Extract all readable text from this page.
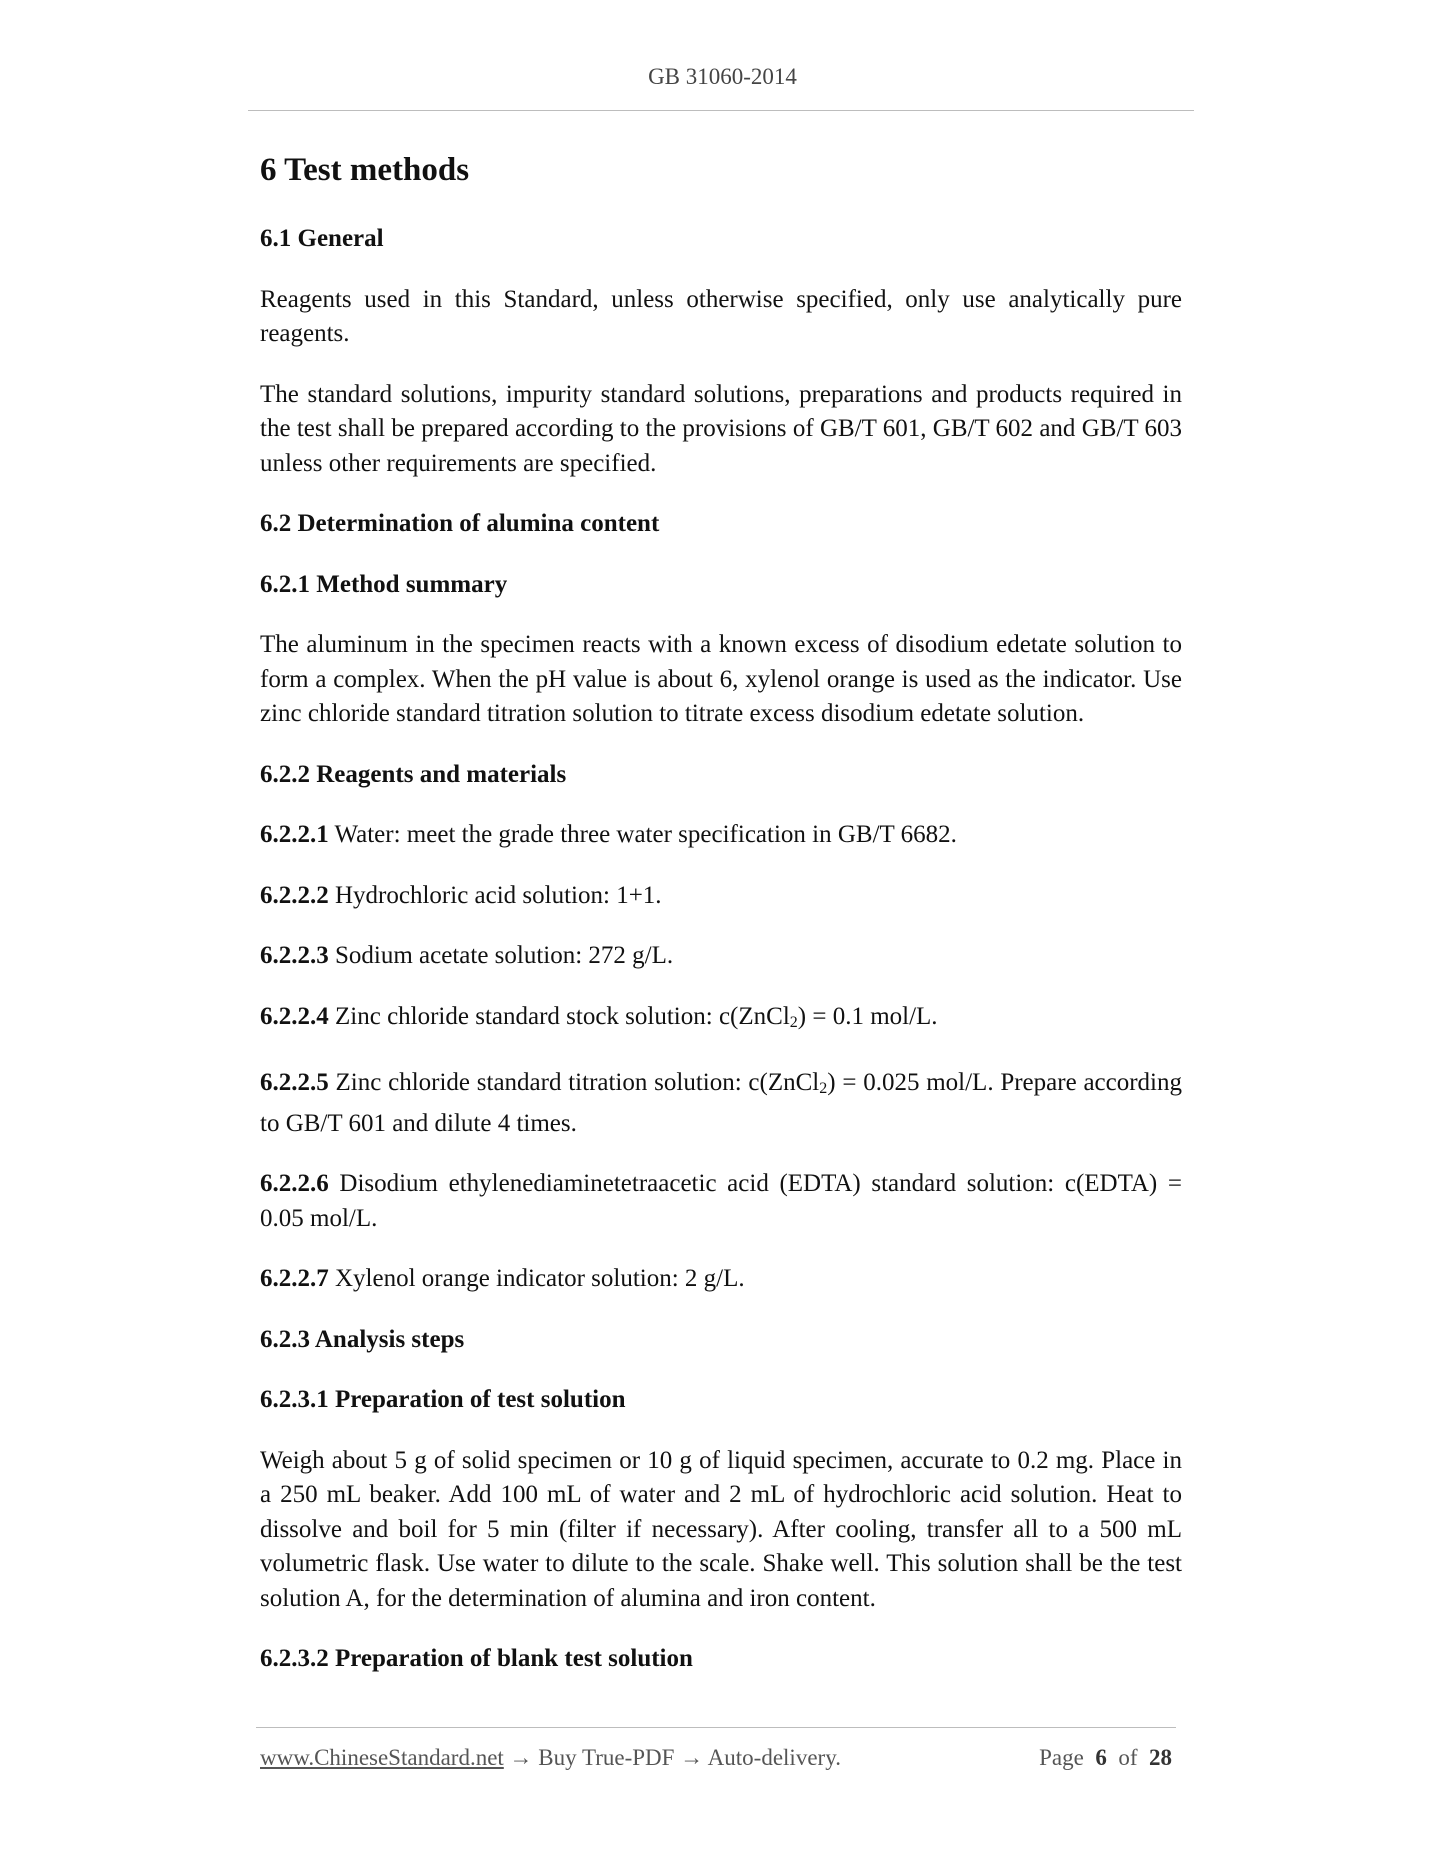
GB 31060-2014
6 Test methods
6.1 General
Reagents used in this Standard, unless otherwise specified, only use analytically pure reagents.
The standard solutions, impurity standard solutions, preparations and products required in the test shall be prepared according to the provisions of GB/T 601, GB/T 602 and GB/T 603 unless other requirements are specified.
6.2 Determination of alumina content
6.2.1 Method summary
The aluminum in the specimen reacts with a known excess of disodium edetate solution to form a complex. When the pH value is about 6, xylenol orange is used as the indicator. Use zinc chloride standard titration solution to titrate excess disodium edetate solution.
6.2.2 Reagents and materials
6.2.2.1 Water: meet the grade three water specification in GB/T 6682.
6.2.2.2 Hydrochloric acid solution: 1+1.
6.2.2.3 Sodium acetate solution: 272 g/L.
6.2.2.4 Zinc chloride standard stock solution: c(ZnCl2) = 0.1 mol/L.
6.2.2.5 Zinc chloride standard titration solution: c(ZnCl2) = 0.025 mol/L. Prepare according to GB/T 601 and dilute 4 times.
6.2.2.6 Disodium ethylenediaminetetraacetic acid (EDTA) standard solution: c(EDTA) = 0.05 mol/L.
6.2.2.7 Xylenol orange indicator solution: 2 g/L.
6.2.3 Analysis steps
6.2.3.1 Preparation of test solution
Weigh about 5 g of solid specimen or 10 g of liquid specimen, accurate to 0.2 mg. Place in a 250 mL beaker. Add 100 mL of water and 2 mL of hydrochloric acid solution. Heat to dissolve and boil for 5 min (filter if necessary). After cooling, transfer all to a 500 mL volumetric flask. Use water to dilute to the scale. Shake well. This solution shall be the test solution A, for the determination of alumina and iron content.
6.2.3.2 Preparation of blank test solution
www.ChineseStandard.net → Buy True-PDF → Auto-delivery.	Page 6 of 28
